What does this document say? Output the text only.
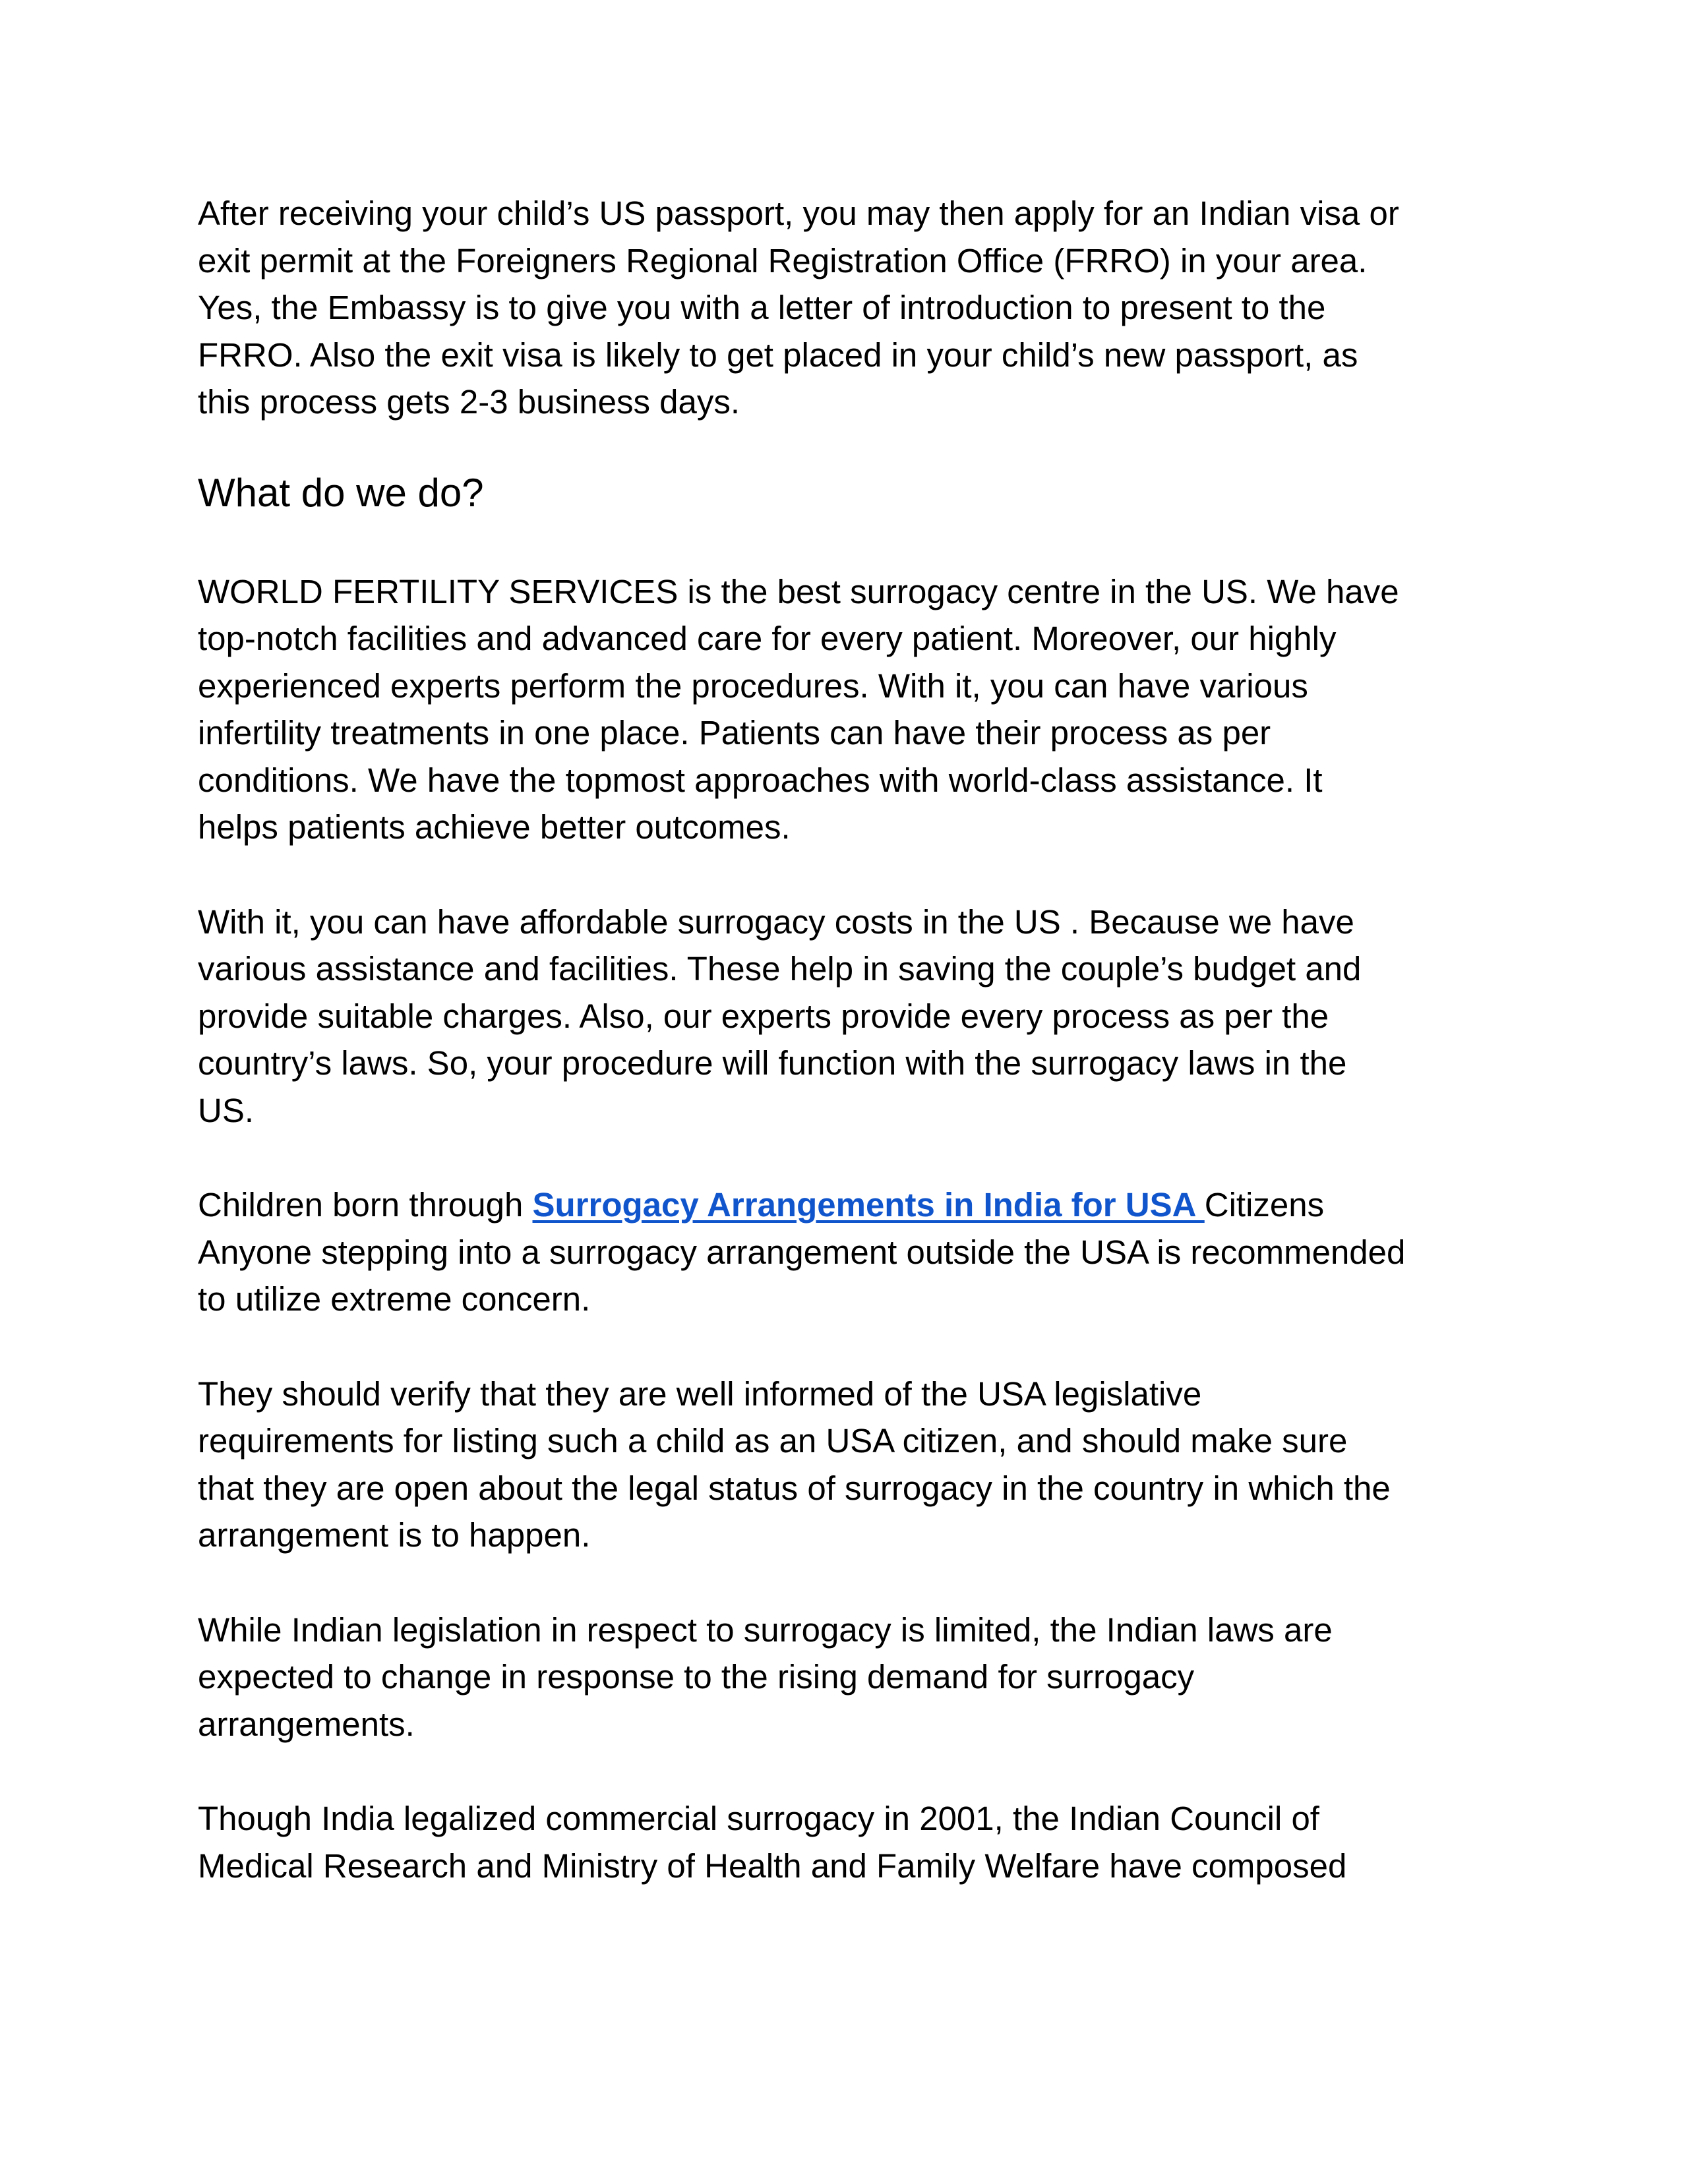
After receiving your child’s US passport, you may then apply for an Indian visa or
exit permit at the Foreigners Regional Registration Office (FRRO) in your area.
Yes, the Embassy is to give you with a letter of introduction to present to the
FRRO. Also the exit visa is likely to get placed in your child’s new passport, as
this process gets 2-3 business days.

What do we do?

WORLD FERTILITY SERVICES is the best surrogacy centre in the US. We have
top-notch facilities and advanced care for every patient. Moreover, our highly
experienced experts perform the procedures. With it, you can have various
infertility treatments in one place. Patients can have their process as per
conditions. We have the topmost approaches with world-class assistance. It
helps patients achieve better outcomes.

With it, you can have affordable surrogacy costs in the US . Because we have
various assistance and facilities. These help in saving the couple’s budget and
provide suitable charges. Also, our experts provide every process as per the
country’s laws. So, your procedure will function with the surrogacy laws in the
US.

Children born through Surrogacy Arrangements in India for USA Citizens
Anyone stepping into a surrogacy arrangement outside the USA is recommended
to utilize extreme concern.

They should verify that they are well informed of the USA legislative
requirements for listing such a child as an USA citizen, and should make sure
that they are open about the legal status of surrogacy in the country in which the
arrangement is to happen.

While Indian legislation in respect to surrogacy is limited, the Indian laws are
expected to change in response to the rising demand for surrogacy
arrangements.

Though India legalized commercial surrogacy in 2001, the Indian Council of
Medical Research and Ministry of Health and Family Welfare have composed
